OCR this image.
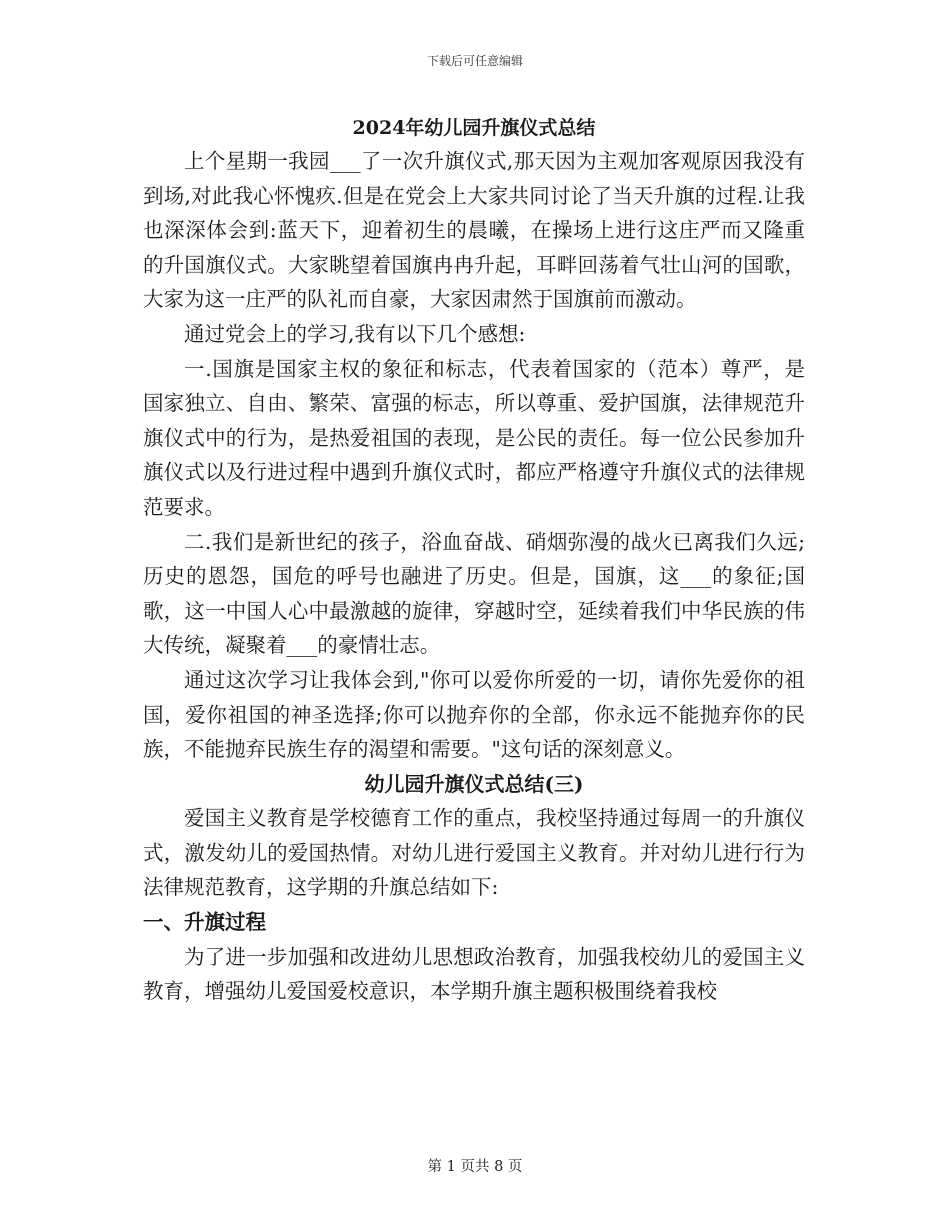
下载后可任意编辑

2024年幼儿园升旗仪式总结

上个星期一我园___了一次升旗仪式,那天因为主观加客观原因我没有到场,对此我心怀愧疚.但是在党会上大家共同讨论了当天升旗的过程.让我也深深体会到:蓝天下，迎着初生的晨曦，在操场上进行这庄严而又隆重的升国旗仪式。大家眺望着国旗冉冉升起，耳畔回荡着气壮山河的国歌，大家为这一庄严的队礼而自豪，大家因肃然于国旗前而激动。

通过党会上的学习,我有以下几个感想:

一.国旗是国家主权的象征和标志，代表着国家的（范本）尊严，是国家独立、自由、繁荣、富强的标志，所以尊重、爱护国旗，法律规范升旗仪式中的行为，是热爱祖国的表现，是公民的责任。每一位公民参加升旗仪式以及行进过程中遇到升旗仪式时，都应严格遵守升旗仪式的法律规范要求。

二.我们是新世纪的孩子，浴血奋战、硝烟弥漫的战火已离我们久远;历史的恩怨，国危的呼号也融进了历史。但是，国旗，这___的象征;国歌，这一中国人心中最激越的旋律，穿越时空，延续着我们中华民族的伟大传统，凝聚着___的豪情壮志。

通过这次学习让我体会到,"你可以爱你所爱的一切，请你先爱你的祖国，爱你祖国的神圣选择;你可以抛弃你的全部，你永远不能抛弃你的民族，不能抛弃民族生存的渴望和需要。"这句话的深刻意义。

幼儿园升旗仪式总结(三)

爱国主义教育是学校德育工作的重点，我校坚持通过每周一的升旗仪式，激发幼儿的爱国热情。对幼儿进行爱国主义教育。并对幼儿进行行为法律规范教育，这学期的升旗总结如下:

一、升旗过程

为了进一步加强和改进幼儿思想政治教育，加强我校幼儿的爱国主义教育，增强幼儿爱国爱校意识，本学期升旗主题积极围绕着我校

第 1 页共 8 页
